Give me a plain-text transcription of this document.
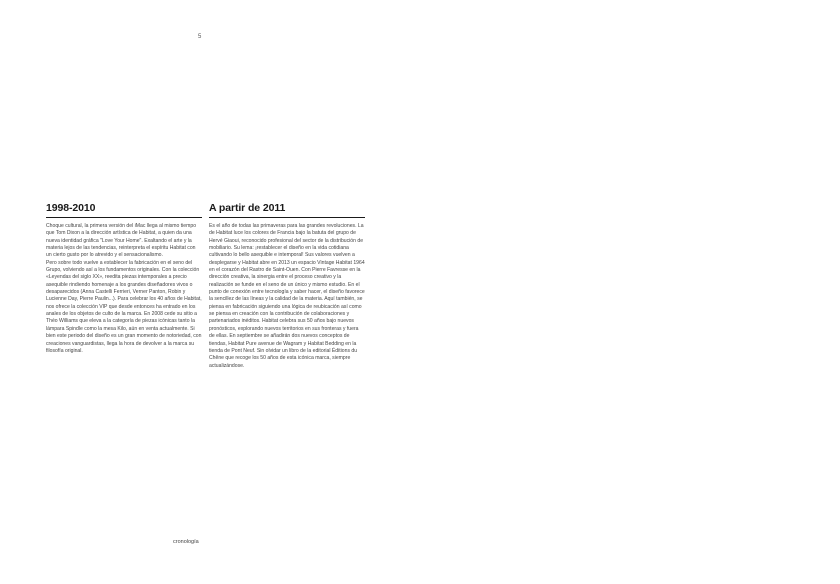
5
1998-2010

Choque cultural, la primera versión del iMac llega al mismo tiempo que Tom Dixon a la dirección artística de Habitat, a quien da una nueva identidad gráfica "Love Your Home". Exaltando el arte y la materia lejos de las tendencias, reinterpreta el espíritu Habitat con un cierto gusto por lo atrevido y el sensacionalismo.

Pero sobre todo vuelve a establecer la fabricación en el seno del Grupo, volviendo así a los fundamentos originales. Con la colección «Leyendas del siglo XX», reedita piezas intemporales a precio asequible rindiendo homenaje a los grandes diseñadores vivos o desaparecidos (Anna Castelli Ferrieri, Verner Panton, Robin y Lucienne Day, Pierre Paulin...). Para celebrar los 40 años de Habitat, nos ofrece la colección VIP que desde entonces ha entrado en los anales de los objetos de culto de la marca. En 2008 cede su sitio a Théo Williams que eleva a la categoría de piezas icónicas tanto la lámpara Spindle como la mesa Kilo, aún en venta actualmente. Si bien este periodo del diseño es un gran momento de notoriedad, con creaciones vanguardistas, llega la hora de devolver a la marca su filosofía original.

A partir de 2011

Es el año de todas las primaveras para las grandes revoluciones. La de Habitat luce los colores de Francia bajo la batuta del grupo de Hervé Giaoui, reconocido profesional del sector de la distribución de mobiliario. Su lema: ¡restablecer el diseño en la vida cotidiana cultivando lo bello asequible e intemporal! Sus valores vuelven a desplegarse y Habitat abre en 2013 un espacio Vintage Habitat 1964 en el corazón del Rastro de Saint-Ouen. Con Pierre Favresse en la dirección creativa, la sinergia entre el proceso creativo y la realización se funde en el seno de un único y mismo estudio. En el punto de conexión entre tecnología y saber hacer, el diseño favorece la sencillez de las líneas y la calidad de la materia. Aquí también, se piensa en fabricación siguiendo una lógica de reubicación así como se piensa en creación con la contribución de colaboraciones y partenariados inéditos. Habitat celebra sus 50 años bajo nuevos pronósticos, explorando nuevos territorios en sus fronteras y fuera de ellas. En septiembre se añadirán dos nuevos conceptos de tiendas, Habitat Pure avenue de Wagram y Habitat Bedding en la tienda de Pont Neuf. Sin olvidar un libro de la editorial Éditions du Chêne que recoge los 50 años de esta icónica marca, siempre actualizándose.

cronología
